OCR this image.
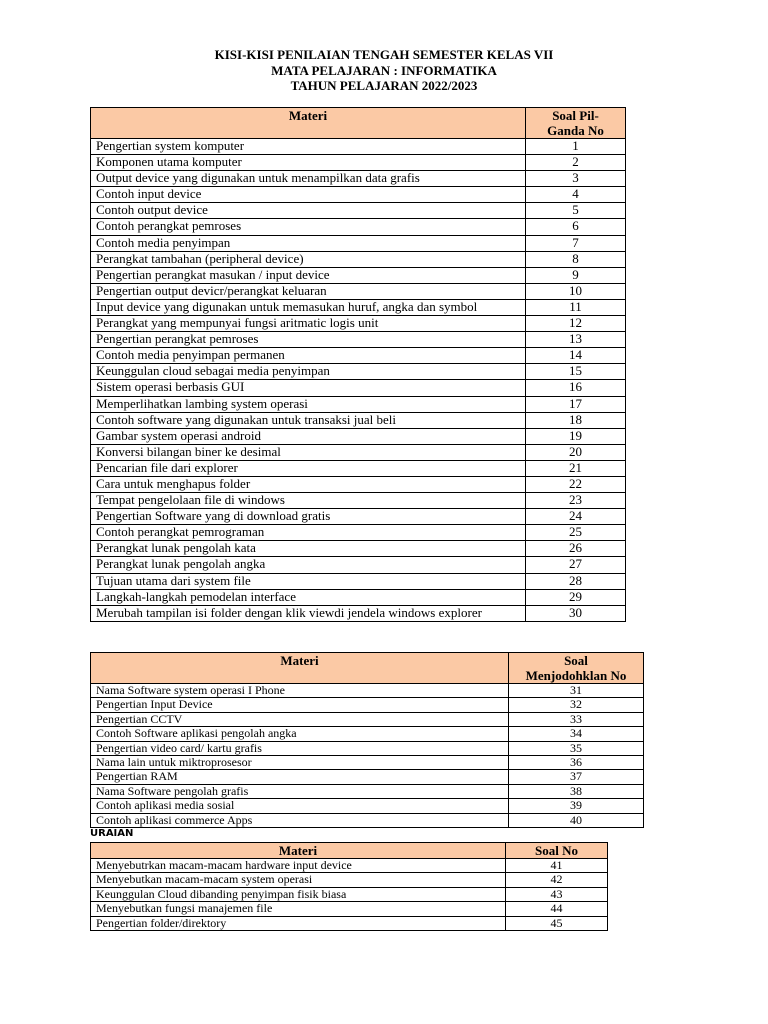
KISI-KISI PENILAIAN TENGAH SEMESTER KELAS VII
MATA PELAJARAN : INFORMATIKA
TAHUN PELAJARAN 2022/2023
Materi	Soal Pil-
Ganda No

Pengertian system komputer	1
Komponen utama komputer	2
Output device yang digunakan untuk menampilkan data grafis	3
Contoh input device	4
Contoh output device	5
Contoh perangkat pemroses	6
Contoh media penyimpan	7
Perangkat tambahan (peripheral device)	8
Pengertian perangkat masukan / input device	9
Pengertian output devicr/perangkat keluaran	10
Input device yang digunakan untuk memasukan huruf, angka dan symbol	11
Perangkat yang mempunyai fungsi aritmatic logis unit	12
Pengertian perangkat pemroses	13
Contoh media penyimpan permanen	14
Keunggulan cloud sebagai media penyimpan	15
Sistem operasi berbasis GUI	16
Memperlihatkan lambing system operasi	17
Contoh software yang digunakan untuk transaksi jual beli	18
Gambar system operasi android	19
Konversi bilangan biner ke desimal	20
Pencarian file dari explorer	21
Cara untuk menghapus folder	22
Tempat pengelolaan file di windows	23
Pengertian Software yang di download gratis	24
Contoh perangkat pemrograman	25
Perangkat lunak pengolah kata	26
Perangkat lunak pengolah angka	27
Tujuan utama dari system file	28
Langkah-langkah pemodelan interface	29
Merubah tampilan isi folder dengan klik viewdi jendela windows explorer	30
Materi	Soal
Menjodohklan No

Nama Software system operasi I Phone	31
Pengertian Input Device	32
Pengertian CCTV	33
Contoh Software aplikasi pengolah angka	34
Pengertian video card/ kartu grafis	35
Nama lain untuk miktroprosesor	36
Pengertian RAM	37
Nama Software pengolah grafis	38
Contoh aplikasi media sosial	39
Contoh aplikasi commerce Apps	40
URAIAN
Materi	Soal No
Menyebutrkan macam-macam hardware input device	41
Menyebutkan macam-macam system operasi	42
Keunggulan Cloud dibanding penyimpan fisik biasa	43
Menyebutkan fungsi manajemen file	44
Pengertian folder/direktory	45
